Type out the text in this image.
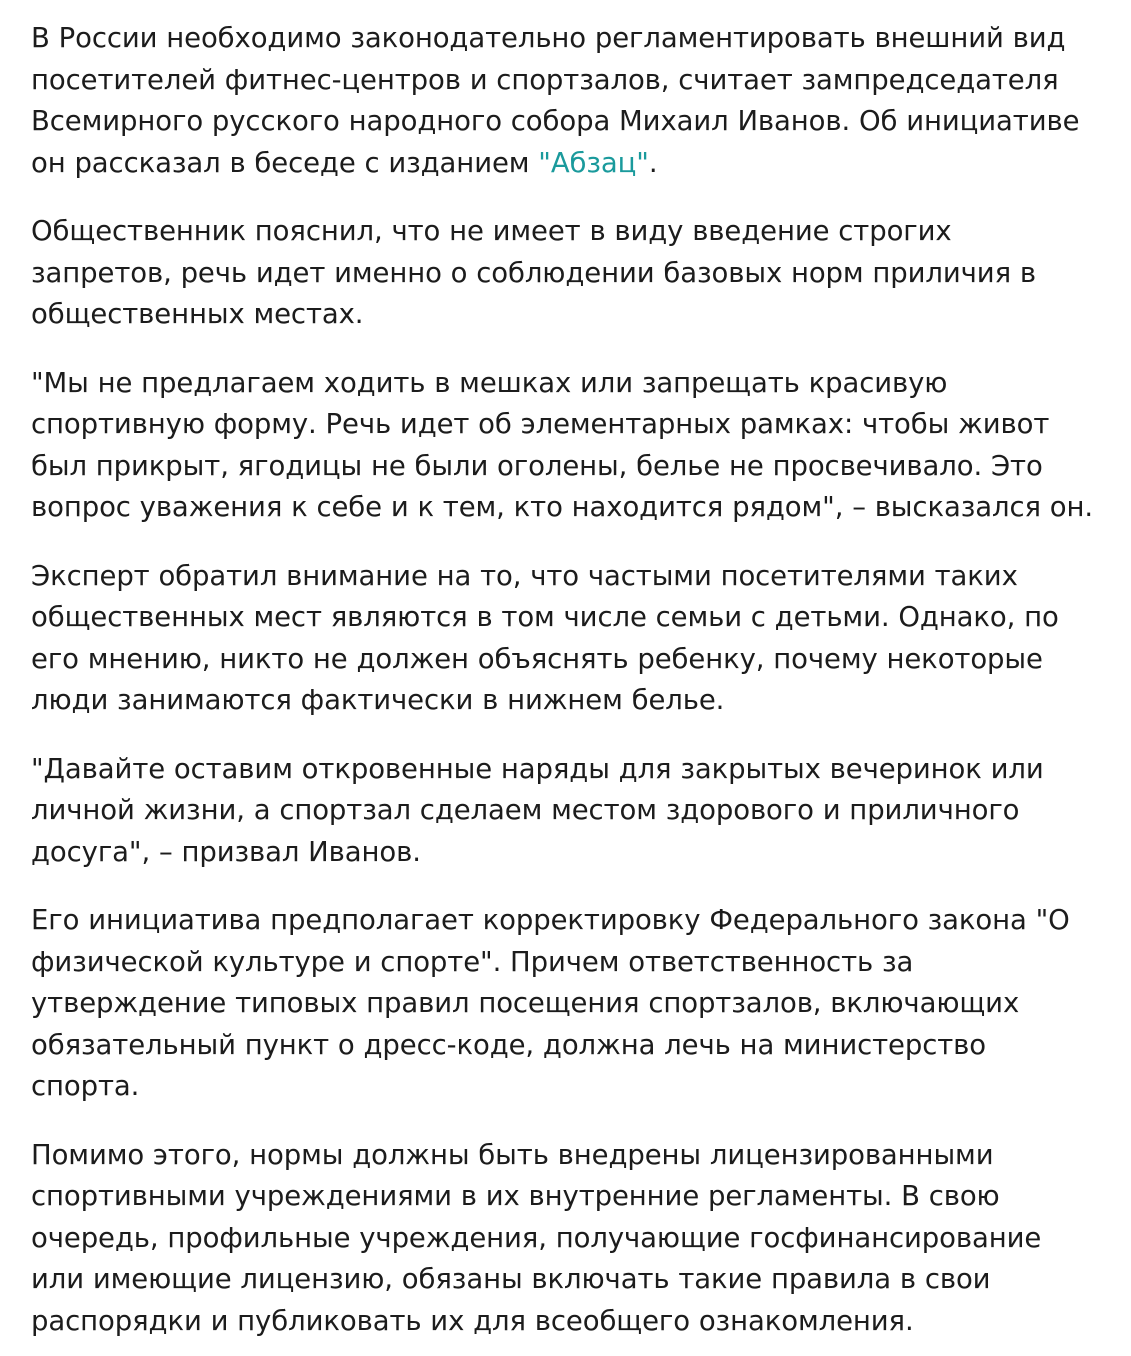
В России необходимо законодательно регламентировать внешний вид посетителей фитнес-центров и спортзалов, считает зампредседателя Всемирного русского народного собора Михаил Иванов. Об инициативе он рассказал в беседе с изданием "Абзац".

Общественник пояснил, что не имеет в виду введение строгих запретов, речь идет именно о соблюдении базовых норм приличия в общественных местах.

"Мы не предлагаем ходить в мешках или запрещать красивую спортивную форму. Речь идет об элементарных рамках: чтобы живот был прикрыт, ягодицы не были оголены, белье не просвечивало. Это вопрос уважения к себе и к тем, кто находится рядом", – высказался он.

Эксперт обратил внимание на то, что частыми посетителями таких общественных мест являются в том числе семьи с детьми. Однако, по его мнению, никто не должен объяснять ребенку, почему некоторые люди занимаются фактически в нижнем белье.

"Давайте оставим откровенные наряды для закрытых вечеринок или личной жизни, а спортзал сделаем местом здорового и приличного досуга", – призвал Иванов.

Его инициатива предполагает корректировку Федерального закона "О физической культуре и спорте". Причем ответственность за утверждение типовых правил посещения спортзалов, включающих обязательный пункт о дресс-коде, должна лечь на министерство спорта.

Помимо этого, нормы должны быть внедрены лицензированными спортивными учреждениями в их внутренние регламенты. В свою очередь, профильные учреждения, получающие госфинансирование или имеющие лицензию, обязаны включать такие правила в свои распорядки и публиковать их для всеобщего ознакомления.
